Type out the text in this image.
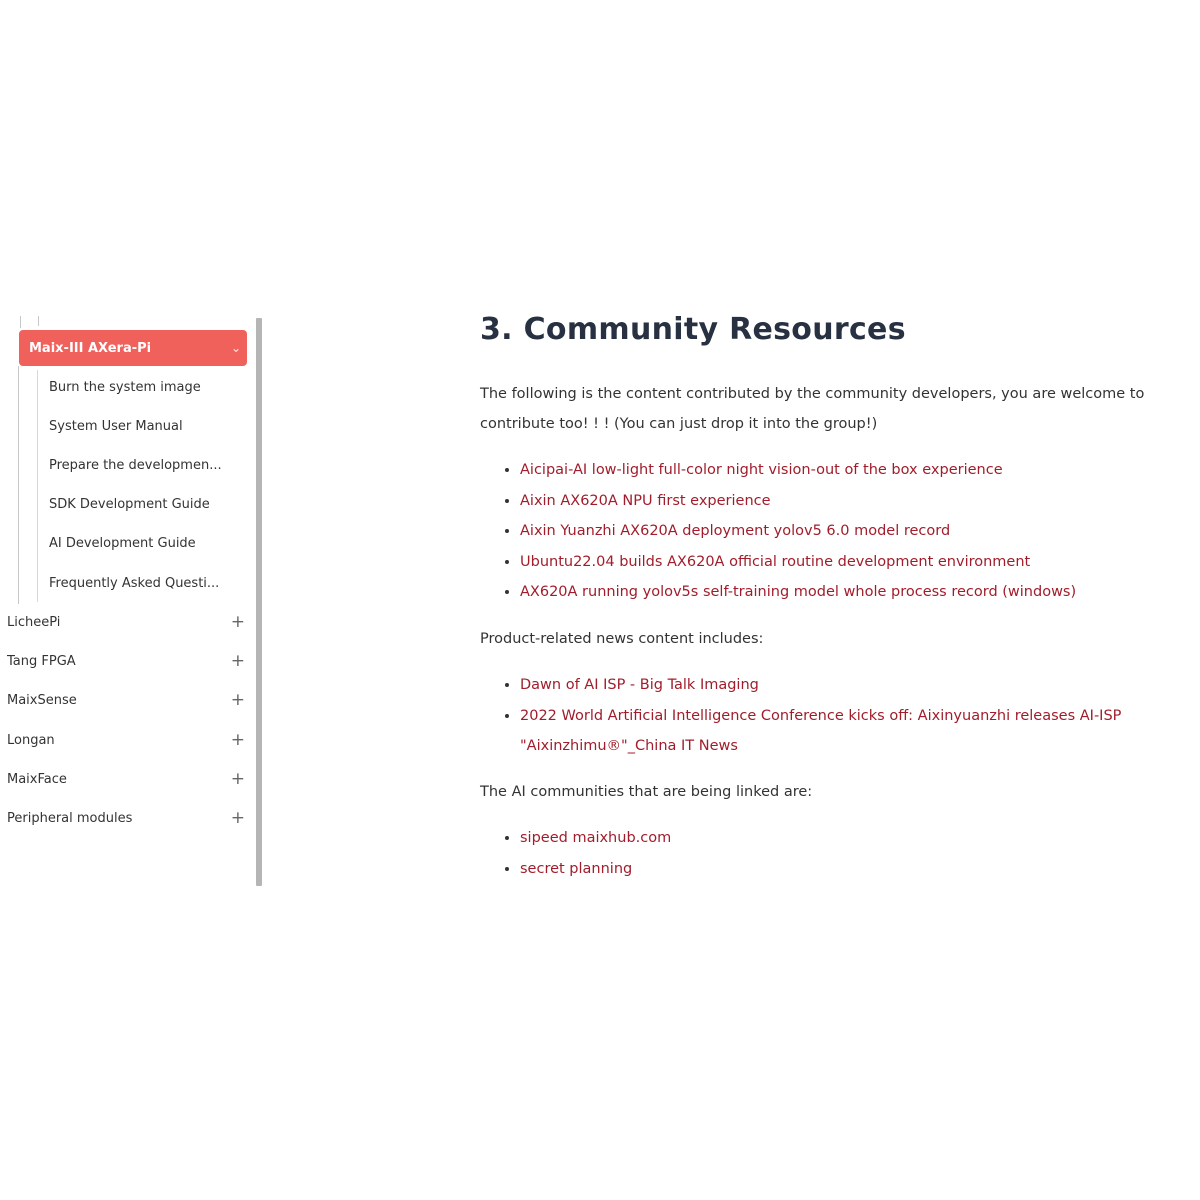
Maix-III AXera-Pi	⌄
Burn the system image
System User Manual
Prepare the developmen...
SDK Development Guide
AI Development Guide
Frequently Asked Questi...
LicheePi	+
Tang FPGA	+
MaixSense	+
Longan	+
MaixFace	+
Peripheral modules	+
3. Community Resources

The following is the content contributed by the community developers, you are welcome to contribute too! ! ! (You can just drop it into the group!)

• Aicipai-AI low-light full-color night vision-out of the box experience
• Aixin AX620A NPU first experience
• Aixin Yuanzhi AX620A deployment yolov5 6.0 model record
• Ubuntu22.04 builds AX620A official routine development environment
• AX620A running yolov5s self-training model whole process record (windows)

Product-related news content includes:

• Dawn of AI ISP - Big Talk Imaging
• 2022 World Artificial Intelligence Conference kicks off: Aixinyuanzhi releases AI-ISP "Aixinzhimu®"_China IT News

The AI communities that are being linked are:

• sipeed maixhub.com
• secret planning
